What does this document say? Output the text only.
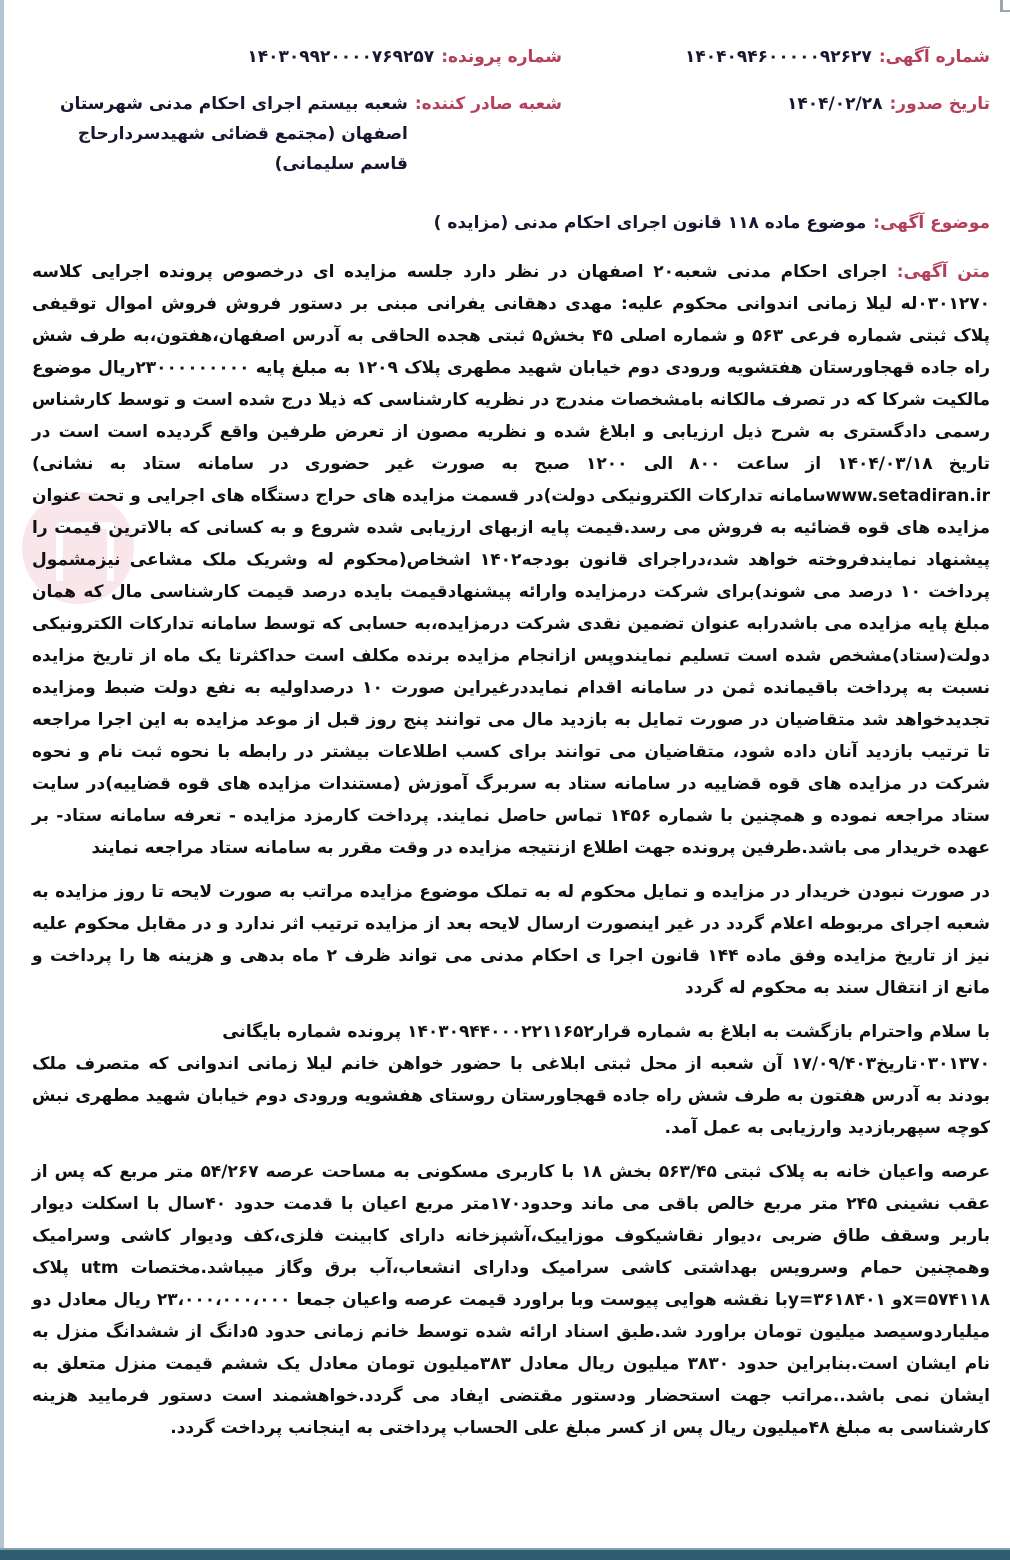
شماره آگهی:
۱۴۰۴۰۹۴۶۰۰۰۰۰۹۲۶۲۷
شماره پرونده:
۱۴۰۳۰۹۹۲۰۰۰۰۷۶۹۲۵۷
تاریخ صدور:
۱۴۰۴/۰۲/۲۸
شعبه صادر کننده:
شعبه بیستم اجرای احکام مدنی شهرستان اصفهان (مجتمع قضائی شهیدسردارحاج قاسم سلیمانی)
موضوع آگهی:
موضوع ماده ۱۱۸ قانون اجرای احکام مدنی (مزایده )

متن آگهی: اجرای احکام مدنی شعبه۲۰ اصفهان در نظر دارد جلسه مزایده ای درخصوص پرونده اجرایی کلاسه ۰۳۰۱۲۷۰له لیلا زمانی اندوانی محکوم علیه: مهدی دهقانی یفرانی مبنی بر دستور فروش فروش اموال توقیفی پلاک ثبتی شماره فرعی ۵۶۳ و شماره اصلی ۴۵ بخش۵ ثبتی هجده الحاقی به آدرس اصفهان،هفتون،به طرف شش راه جاده قهجاورستان هفتشویه ورودی دوم خیابان شهید مطهری پلاک ۱۲۰۹ به مبلغ پایه ۲۳۰۰۰۰۰۰۰۰۰ریال موضوع مالکیت شرکا که در تصرف مالکانه بامشخصات مندرج در نظریه کارشناسی که ذیلا درج شده است و توسط کارشناس رسمی دادگستری به شرح ذیل ارزیابی و ابلاغ شده و نظریه مصون از تعرض طرفین واقع گردیده است است در تاریخ ۱۴۰۴/۰۳/۱۸ از ساعت ۸۰۰ الی ۱۲۰۰ صبح به صورت غیر حضوری در سامانه ستاد به نشانی) www.setadiran.irسامانه تدارکات الکترونیکی دولت)در قسمت مزایده های حراج دستگاه های اجرایی و تحت عنوان مزایده های قوه قضائیه به فروش می رسد.قیمت پایه ازبهای ارزیابی شده شروع و به کسانی که بالاترین قیمت را پیشنهاد نمایندفروخته خواهد شد،دراجرای قانون بودجه۱۴۰۲ اشخاص(محکوم له وشریک ملک مشاعی نیزمشمول پرداخت ۱۰ درصد می شوند)برای شرکت درمزایده وارائه پیشنهادقیمت بایده درصد قیمت کارشناسی مال که همان مبلغ پایه مزایده می باشدرابه عنوان تضمین نقدی شرکت درمزایده،به حسابی که توسط سامانه تدارکات الکترونیکی دولت(ستاد)مشخص شده است تسلیم نمایندوپس ازانجام مزایده برنده مکلف است حداکثرتا یک ماه از تاریخ مزایده نسبت به پرداخت باقیمانده ثمن در سامانه اقدام نمایددرغیراین صورت ۱۰ درصداولیه به نفع دولت ضبط ومزایده تجدیدخواهد شد متقاضیان در صورت تمایل به بازدید مال می توانند پنج روز قبل از موعد مزایده به این اجرا مراجعه تا ترتیب بازدید آنان داده شود، متقاضیان می توانند برای کسب اطلاعات بیشتر در رابطه با نحوه ثبت نام و نحوه شرکت در مزایده های قوه قضاییه در سامانه ستاد به سربرگ آموزش (مستندات مزایده های قوه قضاییه)در سایت ستاد مراجعه نموده و همچنین با شماره ۱۴۵۶ تماس حاصل نمایند. پرداخت کارمزد مزایده - تعرفه سامانه ستاد- بر عهده خریدار می باشد.طرفین پرونده جهت اطلاع ازنتیجه مزایده در وقت مقرر به سامانه ستاد مراجعه نمایند

در صورت نبودن خریدار در مزایده و تمایل محکوم له به تملک موضوع مزایده مراتب به صورت لایحه تا روز مزایده به شعبه اجرای مربوطه اعلام گردد در غیر اینصورت ارسال لایحه بعد از مزایده ترتیب اثر ندارد و در مقابل محکوم علیه نیز از تاریخ مزایده وفق ماده ۱۴۴ قانون اجرا ی احکام مدنی می تواند ظرف ۲ ماه بدهی و هزینه ها را پرداخت و مانع از انتقال سند به محکوم له گردد

با سلام واحترام بازگشت به ابلاغ به شماره قرار۱۴۰۳۰۹۴۴۰۰۰۲۲۱۱۶۵۲ پرونده شماره بایگانی
۰۳۰۱۳۷۰تاریخ۱۷/۰۹/۴۰۳ آن شعبه از محل ثبتی ابلاغی با حضور خواهن خانم لیلا زمانی اندوانی که متصرف ملک بودند به آدرس هفتون به طرف شش راه جاده قهجاورستان روستای هفشویه ورودی دوم خیابان شهید مطهری نبش کوچه سپهربازدید وارزیابی به عمل آمد.

عرصه واعیان خانه به پلاک ثبتی ۵۶۳/۴۵ بخش ۱۸ با کاربری مسکونی به مساحت عرصه ۵۴/۲۶۷ متر مربع که پس از عقب نشینی ۲۴۵ متر مربع خالص باقی می ماند وحدود۱۷۰متر مربع اعیان با قدمت حدود ۴۰سال با اسکلت دیوار باربر وسقف طاق ضربی ،دیوار نقاشیکوف موزاییک،آشپزخانه دارای کابینت فلزی،کف ودیوار کاشی وسرامیک وهمچنین حمام وسرویس بهداشتی کاشی سرامیک ودارای انشعاب،آب برق وگاز میباشد.مختصات utm پلاک ۵۷۴۱۱۸=xو ۳۶۱۸۴۰۱=yبا نقشه هوایی پیوست وبا براورد قیمت عرصه واعیان جمعا ۲۳،۰۰۰،۰۰۰،۰۰۰ ریال معادل دو میلیاردوسیصد میلیون تومان براورد شد.طبق اسناد ارائه شده توسط خانم زمانی حدود ۵دانگ از ششدانگ منزل به نام ایشان است.بنابراین حدود ۳۸۳۰ میلیون ریال معادل ۳۸۳میلیون تومان معادل یک ششم قیمت منزل متعلق به ایشان نمی باشد..مراتب جهت استحضار ودستور مقتضی ایفاد می گردد.خواهشمند است دستور فرمایید هزینه کارشناسی به مبلغ ۴۸میلیون ریال پس از کسر مبلغ علی الحساب پرداختی به اینجانب پرداخت گردد.
